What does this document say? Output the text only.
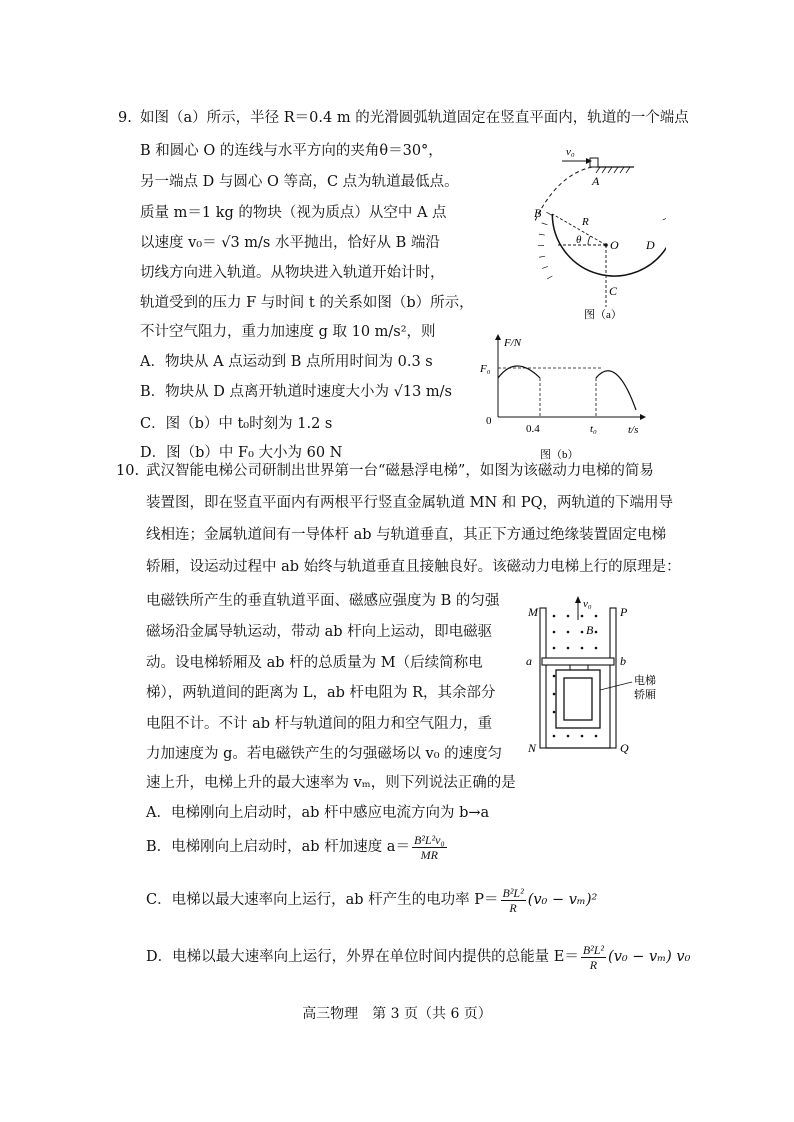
9. 如图（a）所示，半径 R＝0.4 m 的光滑圆弧轨道固定在竖直平面内，轨道的一个端点
B 和圆心 O 的连线与水平方向的夹角θ＝30°，
另一端点 D 与圆心 O 等高，C 点为轨道最低点。
质量 m＝1 kg 的物块（视为质点）从空中 A 点
以速度 v₀＝ √3 m/s 水平抛出，恰好从 B 端沿
切线方向进入轨道。从物块进入轨道开始计时，
轨道受到的压力 F 与时间 t 的关系如图（b）所示，
不计空气阻力，重力加速度 g 取 10 m/s²，则
A．物块从 A 点运动到 B 点所用时间为 0.3 s
B．物块从 D 点离开轨道时速度大小为 √13 m/s
C．图（b）中 t₀时刻为 1.2 s
D．图（b）中 F₀ 大小为 60 N
v₀
A
B
R
θ O D
C
图（a）
F/N
t/s
F₀
0
0.4	t₀
图（b）
10. 武汉智能电梯公司研制出世界第一台“磁悬浮电梯”，如图为该磁动力电梯的简易
装置图，即在竖直平面内有两根平行竖直金属轨道 MN 和 PQ，两轨道的下端用导
线相连；金属轨道间有一导体杆 ab 与轨道垂直，其正下方通过绝缘装置固定电梯
轿厢，设运动过程中 ab 始终与轨道垂直且接触良好。该磁动力电梯上行的原理是：
电磁铁所产生的垂直轨道平面、磁感应强度为 B 的匀强
磁场沿金属导轨运动，带动 ab 杆向上运动，即电磁驱
动。设电梯轿厢及 ab 杆的总质量为 M（后续简称电
梯），两轨道间的距离为 L，ab 杆电阻为 R，其余部分
电阻不计。不计 ab 杆与轨道间的阻力和空气阻力，重
力加速度为 g。若电磁铁产生的匀强磁场以 v₀ 的速度匀
速上升，电梯上升的最大速率为 vₘ，则下列说法正确的是
A．电梯刚向上启动时，ab 杆中感应电流方向为 b→a
B．电梯刚向上启动时，ab 杆加速度 $a= \frac{\text{B²L²v₀}}{MR}$
C．电梯以最大速率向上运行，ab 杆产生的电功率 $P= \frac{\text{B²L²}}{R} (v_0 - v_m)^2$
D．电梯以最大速率向上运行，外界在单位时间内提供的总能量 $E= \frac{\text{B²L²}}{R} (v_0 - v_m)$ v₀
M	P
N	Q
v₀
B
a	b
电梯
轿厢
高三物理　第 3 页（共 6 页）
